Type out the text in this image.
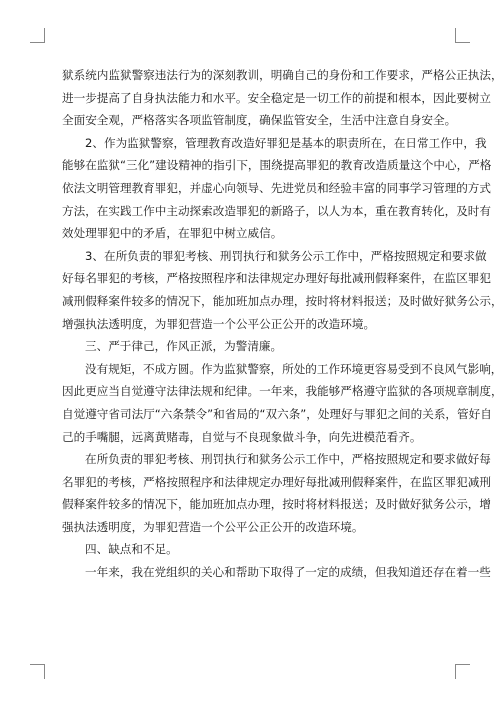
狱系统内监狱警察违法行为的深刻教训，明确自己的身份和工作要求，严格公正执法，
进一步提高了自身执法能力和水平。安全稳定是一切工作的前提和根本，因此要树立
全面安全观，严格落实各项监管制度，确保监管安全，生活中注意自身安全。
2、作为监狱警察，管理教育改造好罪犯是基本的职责所在，在日常工作中，我
能够在监狱“三化”建设精神的指引下，围绕提高罪犯的教育改造质量这个中心，严格
依法文明管理教育罪犯，并虚心向领导、先进党员和经验丰富的同事学习管理的方式
方法，在实践工作中主动探索改造罪犯的新路子，以人为本，重在教育转化，及时有
效处理罪犯中的矛盾，在罪犯中树立威信。
3、在所负责的罪犯考核、刑罚执行和狱务公示工作中，严格按照规定和要求做
好每名罪犯的考核，严格按照程序和法律规定办理好每批减刑假释案件，在监区罪犯
减刑假释案件较多的情况下，能加班加点办理，按时将材料报送；及时做好狱务公示，
增强执法透明度，为罪犯营造一个公平公正公开的改造环境。
三、严于律己，作风正派，为警清廉。
没有规矩，不成方圆。作为监狱警察，所处的工作环境更容易受到不良风气影响，
因此更应当自觉遵守法律法规和纪律。一年来，我能够严格遵守监狱的各项规章制度，
自觉遵守省司法厅“六条禁令”和省局的“双六条”，处理好与罪犯之间的关系，管好自
己的手嘴腿，远离黄赌毒，自觉与不良现象做斗争，向先进模范看齐。
在所负责的罪犯考核、刑罚执行和狱务公示工作中，严格按照规定和要求做好每
名罪犯的考核，严格按照程序和法律规定办理好每批减刑假释案件，在监区罪犯减刑
假释案件较多的情况下，能加班加点办理，按时将材料报送；及时做好狱务公示，增
强执法透明度，为罪犯营造一个公平公正公开的改造环境。
四、缺点和不足。
一年来，我在党组织的关心和帮助下取得了一定的成绩，但我知道还存在着一些
